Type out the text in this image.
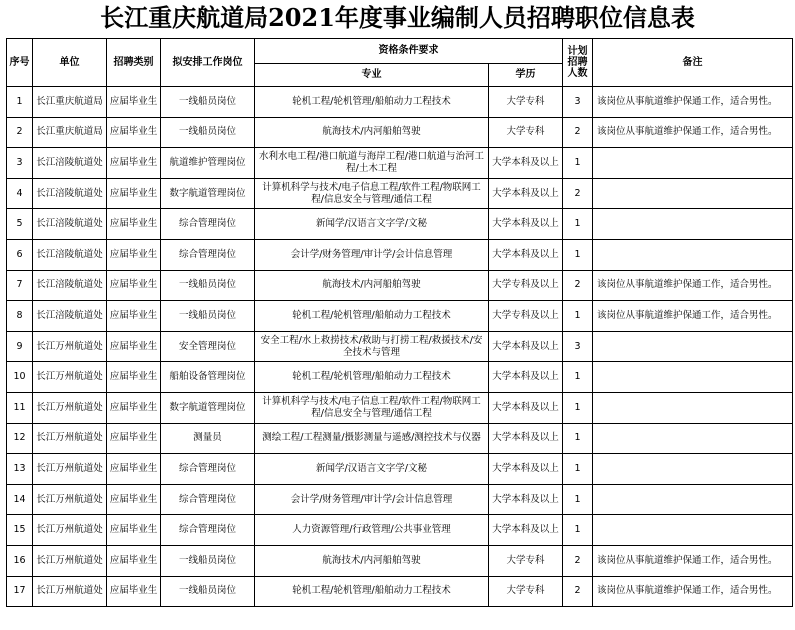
长江重庆航道局2021年度事业编制人员招聘职位信息表
序号	单位	招聘类别	拟安排工作岗位	资格条件要求		计划招聘人数	备注
				专业	学历		
1	长江重庆航道局	应届毕业生	一线船员岗位	轮机工程/轮机管理/船舶动力工程技术	大学专科	3	该岗位从事航道维护保通工作，适合男性。
2	长江重庆航道局	应届毕业生	一线船员岗位	航海技术/内河船舶驾驶	大学专科	2	该岗位从事航道维护保通工作，适合男性。
3	长江涪陵航道处	应届毕业生	航道维护管理岗位	水利水电工程/港口航道与海岸工程/港口航道与治河工程/土木工程	大学本科及以上	1	
4	长江涪陵航道处	应届毕业生	数字航道管理岗位	计算机科学与技术/电子信息工程/软件工程/物联网工程/信息安全与管理/通信工程	大学本科及以上	2	
5	长江涪陵航道处	应届毕业生	综合管理岗位	新闻学/汉语言文字学/文秘	大学本科及以上	1	
6	长江涪陵航道处	应届毕业生	综合管理岗位	会计学/财务管理/审计学/会计信息管理	大学本科及以上	1	
7	长江涪陵航道处	应届毕业生	一线船员岗位	航海技术/内河船舶驾驶	大学专科及以上	2	该岗位从事航道维护保通工作，适合男性。
8	长江涪陵航道处	应届毕业生	一线船员岗位	轮机工程/轮机管理/船舶动力工程技术	大学专科及以上	1	该岗位从事航道维护保通工作，适合男性。
9	长江万州航道处	应届毕业生	安全管理岗位	安全工程/水上救捞技术/救助与打捞工程/救援技术/安全技术与管理	大学本科及以上	3	
10	长江万州航道处	应届毕业生	船舶设备管理岗位	轮机工程/轮机管理/船舶动力工程技术	大学本科及以上	1	
11	长江万州航道处	应届毕业生	数字航道管理岗位	计算机科学与技术/电子信息工程/软件工程/物联网工程/信息安全与管理/通信工程	大学本科及以上	1	
12	长江万州航道处	应届毕业生	测量员	测绘工程/工程测量/摄影测量与遥感/测控技术与仪器	大学本科及以上	1	
13	长江万州航道处	应届毕业生	综合管理岗位	新闻学/汉语言文字学/文秘	大学本科及以上	1	
14	长江万州航道处	应届毕业生	综合管理岗位	会计学/财务管理/审计学/会计信息管理	大学本科及以上	1	
15	长江万州航道处	应届毕业生	综合管理岗位	人力资源管理/行政管理/公共事业管理	大学本科及以上	1	
16	长江万州航道处	应届毕业生	一线船员岗位	航海技术/内河船舶驾驶	大学专科	2	该岗位从事航道维护保通工作，适合男性。
17	长江万州航道处	应届毕业生	一线船员岗位	轮机工程/轮机管理/船舶动力工程技术	大学专科	2	该岗位从事航道维护保通工作，适合男性。
